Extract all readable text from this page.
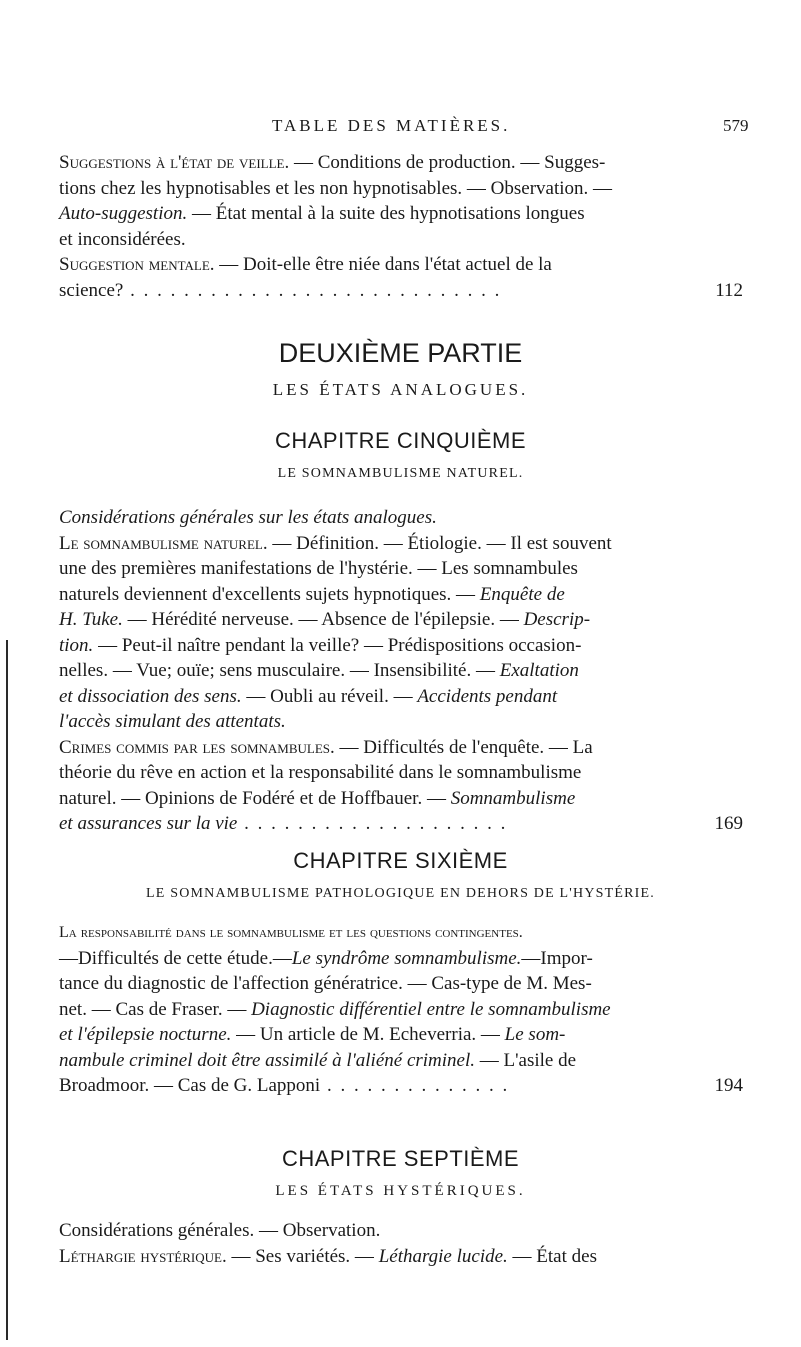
TABLE DES MATIÈRES.	579
Suggestions à l'état de veille. — Conditions de production. — Sugges-
tions chez les hypnotisables et les non hypnotisables. — Observation. —
Auto-suggestion. — État mental à la suite des hypnotisations longues
et inconsidérées.
Suggestion mentale. — Doit-elle être niée dans l'état actuel de la
science? . . . . . . . . . . . . . . . . . . . . . . . . . . . .	112
DEUXIÈME PARTIE
LES ÉTATS ANALOGUES.
CHAPITRE CINQUIÈME
LE SOMNAMBULISME NATUREL.
Considérations générales sur les états analogues.
Le somnambulisme naturel. — Définition. — Étiologie. — Il est souvent
une des premières manifestations de l'hystérie. — Les somnambules
naturels deviennent d'excellents sujets hypnotiques. — Enquête de
H. Tuke. — Hérédité nerveuse. — Absence de l'épilepsie. — Descrip-
tion. — Peut-il naître pendant la veille? — Prédispositions occasion-
nelles. — Vue; ouïe; sens musculaire. — Insensibilité. — Exaltation
et dissociation des sens. — Oubli au réveil. — Accidents pendant
l'accès simulant des attentats.
Crimes commis par les somnambules. — Difficultés de l'enquête. — La
théorie du rêve en action et la responsabilité dans le somnambulisme
naturel. — Opinions de Fodéré et de Hoffbauer. — Somnambulisme
et assurances sur la vie . . . . . . . . . . . . . . . . . . . .	169
CHAPITRE SIXIÈME
LE SOMNAMBULISME PATHOLOGIQUE EN DEHORS DE L'HYSTÉRIE.
La responsabilité dans le somnambulisme et les questions contingentes.
—Difficultés de cette étude.—Le syndrôme somnambulisme.—Impor-
tance du diagnostic de l'affection génératrice. — Cas-type de M. Mes-
net. — Cas de Fraser. — Diagnostic différentiel entre le somnambulisme
et l'épilepsie nocturne. — Un article de M. Echeverria. — Le som-
nambule criminel doit être assimilé à l'aliéné criminel. — L'asile de
Broadmoor. — Cas de G. Lapponi . . . . . . . . . . . . . .	194
CHAPITRE SEPTIÈME
LES ÉTATS HYSTÉRIQUES.
Considérations générales. — Observation.
Léthargie hystérique. — Ses variétés. — Léthargie lucide. — État des
